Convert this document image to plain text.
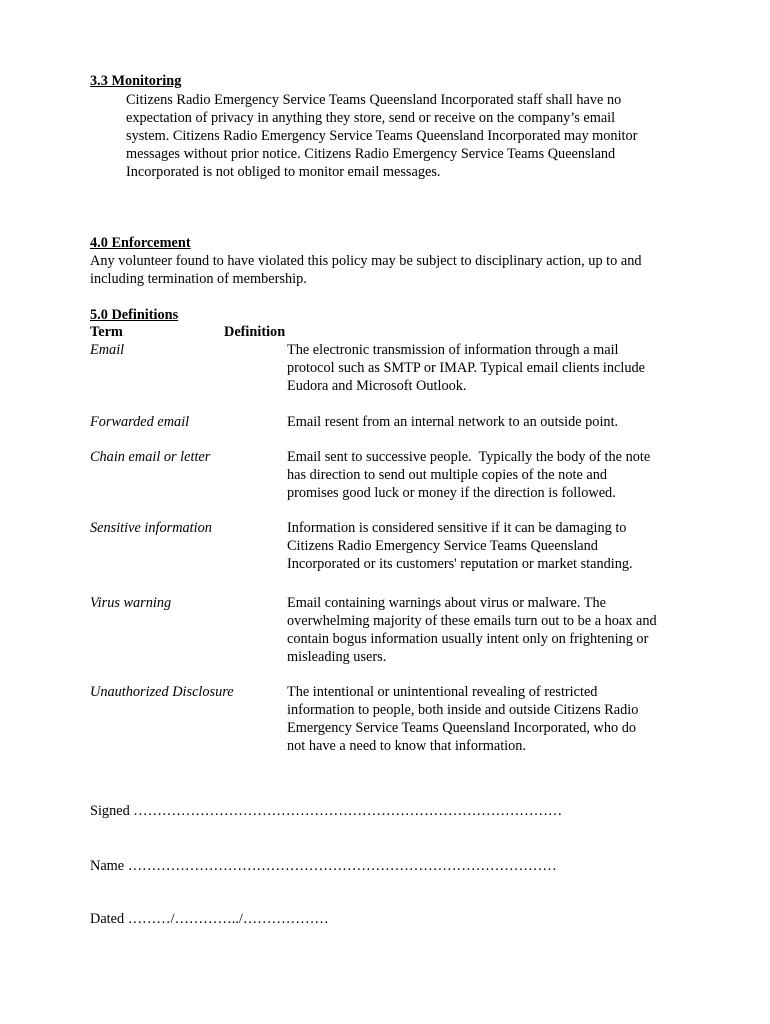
3.3 Monitoring
Citizens Radio Emergency Service Teams Queensland Incorporated staff shall have no
expectation of privacy in anything they store, send or receive on the company’s email
system. Citizens Radio Emergency Service Teams Queensland Incorporated may monitor
messages without prior notice. Citizens Radio Emergency Service Teams Queensland
Incorporated is not obliged to monitor email messages.
4.0 Enforcement
Any volunteer found to have violated this policy may be subject to disciplinary action, up to and
including termination of membership.
5.0 Definitions
Term	Definition
Email	The electronic transmission of information through a mail
protocol such as SMTP or IMAP. Typical email clients include
Eudora and Microsoft Outlook.
Forwarded email	Email resent from an internal network to an outside point.
Chain email or letter	Email sent to successive people.  Typically the body of the note
has direction to send out multiple copies of the note and
promises good luck or money if the direction is followed.
Sensitive information	Information is considered sensitive if it can be damaging to
Citizens Radio Emergency Service Teams Queensland
Incorporated or its customers' reputation or market standing.
Virus warning	Email containing warnings about virus or malware. The
overwhelming majority of these emails turn out to be a hoax and
contain bogus information usually intent only on frightening or
misleading users.
Unauthorized Disclosure	The intentional or unintentional revealing of restricted
information to people, both inside and outside Citizens Radio
Emergency Service Teams Queensland Incorporated, who do
not have a need to know that information.
Signed ………………………………………………………………………………
Name ………………………………………………………………………………
Dated ………/…………../………………
